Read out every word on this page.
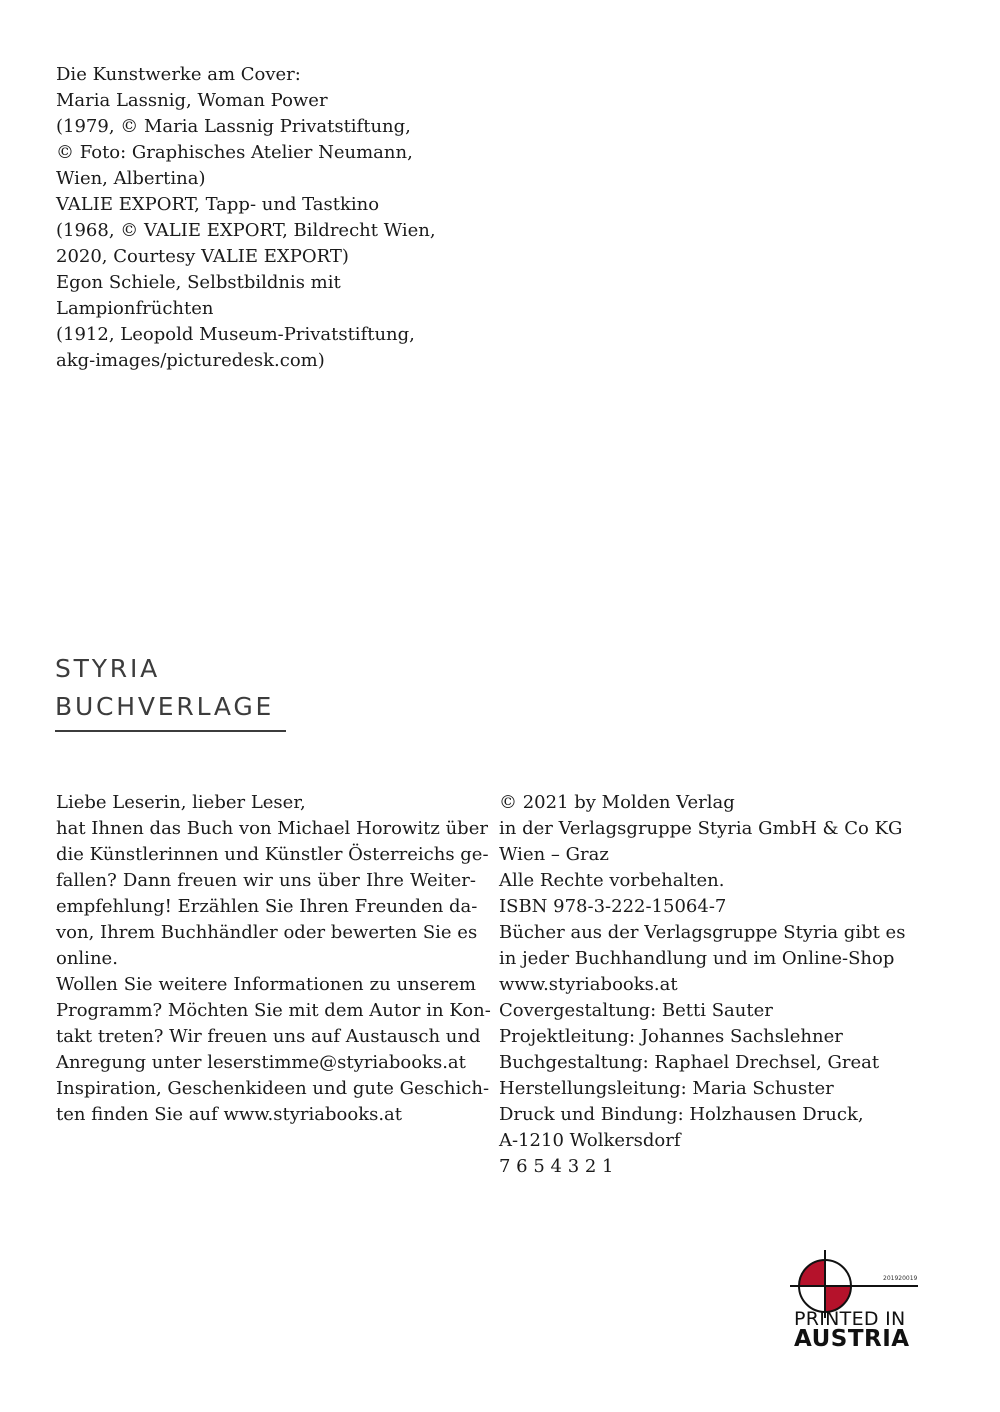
Die Kunstwerke am Cover:
Maria Lassnig, Woman Power
(1979, © Maria Lassnig Privatstiftung,
© Foto: Graphisches Atelier Neumann,
Wien, Albertina)
VALIE EXPORT, Tapp- und Tastkino
(1968, © VALIE EXPORT, Bildrecht Wien,
2020, Courtesy VALIE EXPORT)
Egon Schiele, Selbstbildnis mit
Lampionfrüchten
(1912, Leopold Museum-Privatstiftung,
akg-images/picturedesk.com)
STYRIA
BUCHVERLAGE
Liebe Leserin, lieber Leser,
hat Ihnen das Buch von Michael Horowitz über
die Künstlerinnen und Künstler Österreichs ge-
fallen? Dann freuen wir uns über Ihre Weiter-
empfehlung! Erzählen Sie Ihren Freunden da-
von, Ihrem Buchhändler oder bewerten Sie es
online.
Wollen Sie weitere Informationen zu unserem
Programm? Möchten Sie mit dem Autor in Kon-
takt treten? Wir freuen uns auf Austausch und
Anregung unter leserstimme@styriabooks.at
Inspiration, Geschenkideen und gute Geschich-
ten finden Sie auf www.styriabooks.at
© 2021 by Molden Verlag
in der Verlagsgruppe Styria GmbH & Co KG
Wien – Graz
Alle Rechte vorbehalten.
ISBN 978-3-222-15064-7
Bücher aus der Verlagsgruppe Styria gibt es
in jeder Buchhandlung und im Online-Shop
www.styriabooks.at
Covergestaltung: Betti Sauter
Projektleitung: Johannes Sachslehner
Buchgestaltung: Raphael Drechsel, Great
Herstellungsleitung: Maria Schuster
Druck und Bindung: Holzhausen Druck,
A-1210 Wolkersdorf
7 6 5 4 3 2 1
201920019
PRINTED IN
AUSTRIA
